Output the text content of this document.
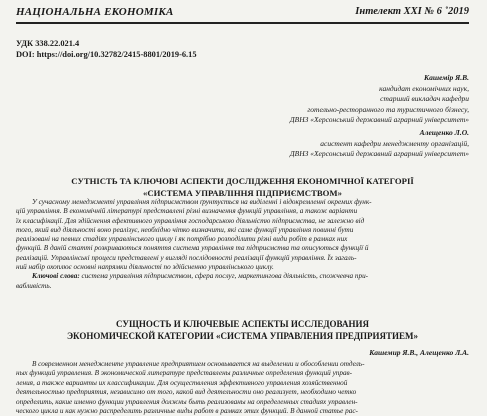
НАЦІОНАЛЬНА ЕКОНОМІКА	Інтелект XXI № 6 ˚2019
УДК 338.22.021.4
DOI: https://doi.org/10.32782/2415-8801/2019-6.15
Кашемір Я.В.
кандидат економічних наук,
старший викладач кафедри
готельно-ресторанного та туристичного бізнесу,
ДВНЗ «Херсонський державний аграрний університет»
Алещенко Л.О.
асистент кафедри менеджменту організацій,
ДВНЗ «Херсонський державний аграрний університет»
СУТНІСТЬ ТА КЛЮЧОВІ АСПЕКТИ ДОСЛІДЖЕННЯ ЕКОНОМІЧНОЇ КАТЕГОРІЇ
«СИСТЕМА УПРАВЛІННЯ ПІДПРИЄМСТВОМ»
У сучасному менеджменті управління підприємством ґрунтується на виділенні і відокремленні окремих функ-
цій управління. В економічній літературі представлені різні визначення функцій управління, а також варіанти
їх класифікації. Для здійснення ефективного управління господарською діяльністю підприємства, не залежно від
того, який вид діяльності воно реалізує, необхідно чітко визначити, які саме функції управління повинні бути
реалізовані на певних стадіях управлінського циклу і як потрібно розподілити різні види робіт в рамках них
функцій. В даній статті розкриваються поняття система управління та підприємства та описуються функції й
реалізацій. Управлінські процеси представлені у вигляді послідовності реалізації функцій управління. Їх загаль-
ний набір охоплює основні напрямки діяльності по здійсненню управлінського циклу.
Ключові слова: система управління підприємством, сфера послуг, маркетингова діяльність, спожчевча при-
вабливість.
СУЩНОСТЬ И КЛЮЧЕВЫЕ АСПЕКТЫ ИССЛЕДОВАНИЯ
ЭКОНОМИЧЕСКОЙ КАТЕГОРИИ «СИСТЕМА УПРАВЛЕНИЯ ПРЕДПРИЯТИЕМ»
Кашемир Я.В., Алещенко Л.А.
В современном менеджменте управление предприятием основывается на выделении и обособлении отдель-
ных функций управления. В экономической литературе представлены различные определения функций управ-
ления, а также варианты их классификации. Для осуществления эффективного управления хозяйственной
деятельностью предприятия, независимо от того, какой вид деятельности оно реализует, необходимо четко
определить, какие именно функции управления должны быть реализованы на определенных стадиях управлен-
ческого цикла и как нужно распределить различные виды работ в рамках этих функций. В данной статье рас-
